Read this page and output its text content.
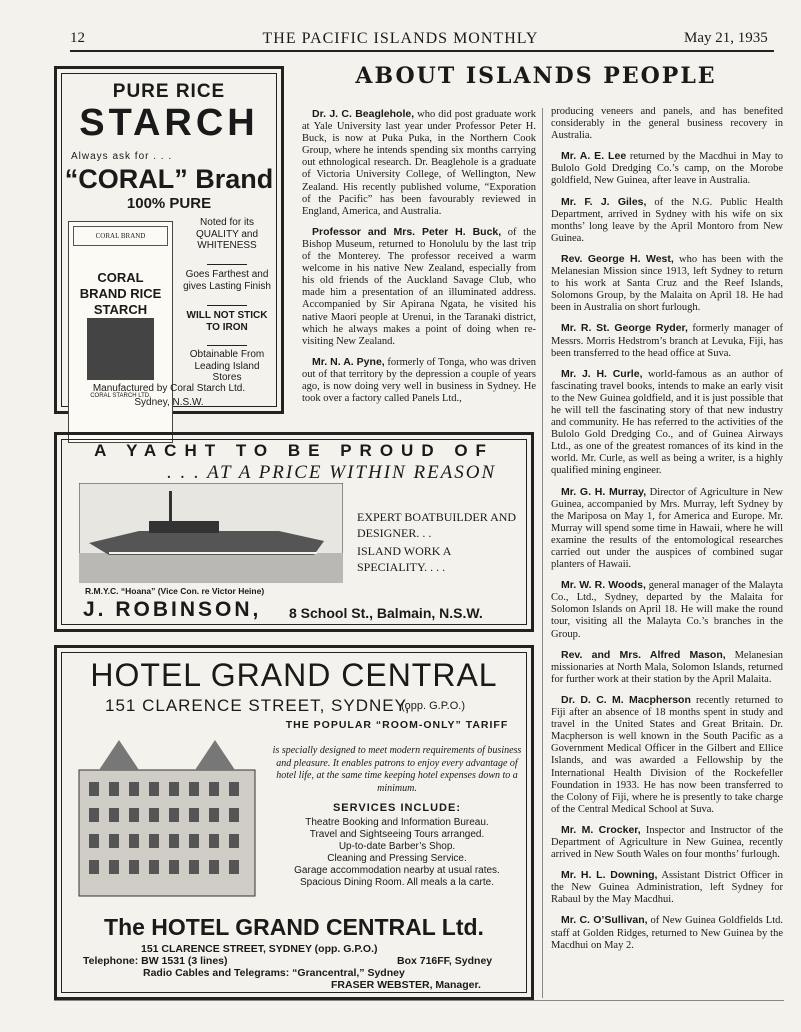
12	THE PACIFIC ISLANDS MONTHLY	May 21, 1935
PURE RICE
STARCH
Always ask for . . .
“CORAL” Brand
100% PURE
CORAL BRAND
CORAL BRAND RICE STARCH
CORAL STARCH LTD.
Noted for its QUALITY and WHITENESS
Goes Farthest and gives Lasting Finish
WILL NOT STICK TO IRON
Obtainable From Leading Island Stores
Manufactured by Coral Starch Ltd.
Sydney, N.S.W.
A YACHT TO BE PROUD OF
. . . AT A PRICE WITHIN REASON
EXPERT BOATBUILDER AND DESIGNER. . .
ISLAND WORK A SPECIALITY. . . .
R.M.Y.C. “Hoana” (Vice Con. re Victor Heine)
J. ROBINSON, 8 School St., Balmain, N.S.W.
HOTEL GRAND CENTRAL
151 CLARENCE STREET, SYDNEY,
(opp. G.P.O.)
THE POPULAR “ROOM-ONLY” TARIFF
is specially designed to meet modern requirements of business and pleasure. It enables patrons to enjoy every advantage of hotel life, at the same time keeping hotel expenses down to a minimum.
SERVICES INCLUDE:
Theatre Booking and Information Bureau.
Travel and Sightseeing Tours arranged.
Up-to-date Barber’s Shop.
Cleaning and Pressing Service.
Garage accommodation nearby at usual rates.
Spacious Dining Room. All meals a la carte.
The HOTEL GRAND CENTRAL Ltd.
151 CLARENCE STREET, SYDNEY (opp. G.P.O.)
Telephone: BW 1531 (3 lines)	Box 716FF, Sydney
Radio Cables and Telegrams: “Grancentral,” Sydney
FRASER WEBSTER, Manager.
ABOUT ISLANDS PEOPLE

Dr. J. C. Beaglehole, who did post graduate work at Yale University last year under Professor Peter H. Buck, is now at Puka Puka, in the Northern Cook Group, where he intends spending six months carrying out ethnological research. Dr. Beaglehole is a graduate of Victoria University College, of Wellington, New Zealand. His recently published volume, “Exporation of the Pacific” has been favourably reviewed in England, America, and Australia.

Professor and Mrs. Peter H. Buck, of the Bishop Museum, returned to Honolulu by the last trip of the Monterey. The professor received a warm welcome in his native New Zealand, especially from his old friends of the Auckland Savage Club, who made him a presentation of an illuminated address. Accompanied by Sir Apirana Ngata, he visited his native Maori people at Urenui, in the Taranaki district, which he always makes a point of doing when re-visiting New Zealand.

Mr. N. A. Pyne, formerly of Tonga, who was driven out of that territory by the depression a couple of years ago, is now doing very well in business in Sydney. He took over a factory called Panels Ltd.,

producing veneers and panels, and has benefited considerably in the general business recovery in Australia.

Mr. A. E. Lee returned by the Macdhui in May to Bulolo Gold Dredging Co.’s camp, on the Morobe goldfield, New Guinea, after leave in Australia.

Mr. F. J. Giles, of the N.G. Public Health Department, arrived in Sydney with his wife on six months’ long leave by the April Montoro from New Guinea.

Rev. George H. West, who has been with the Melanesian Mission since 1913, left Sydney to return to his work at Santa Cruz and the Reef Islands, Solomons Group, by the Malaita on April 18. He had been in Australia on short furlough.

Mr. R. St. George Ryder, formerly manager of Messrs. Morris Hedstrom’s branch at Levuka, Fiji, has been transferred to the head office at Suva.

Mr. J. H. Curle, world-famous as an author of fascinating travel books, intends to make an early visit to the New Guinea goldfield, and it is just possible that he will tell the fascinating story of that new industry and community. He has referred to the activities of the Bulolo Gold Dredging Co., and of Guinea Airways Ltd., as one of the greatest romances of its kind in the world. Mr. Curle, as well as being a writer, is a highly qualified mining engineer.

Mr. G. H. Murray, Director of Agriculture in New Guinea, accompanied by Mrs. Murray, left Sydney by the Mariposa on May 1, for America and Europe. Mr. Murray will spend some time in Hawaii, where he will examine the results of the entomological researches carried out under the auspices of combined sugar planters of Hawaii.

Mr. W. R. Woods, general manager of the Malayta Co., Ltd., Sydney, departed by the Malaita for Solomon Islands on April 18. He will make the round tour, visiting all the Malayta Co.’s branches in the Group.

Rev. and Mrs. Alfred Mason, Melanesian missionaries at North Mala, Solomon Islands, returned for further work at their station by the April Malaita.

Dr. D. C. M. Macpherson recently returned to Fiji after an absence of 18 months spent in study and travel in the United States and Great Britain. Dr. Macpherson is well known in the South Pacific as a Government Medical Officer in the Gilbert and Ellice Islands, and was awarded a Fellowship by the International Health Division of the Rockefeller Foundation in 1933. He has now been transferred to the Colony of Fiji, where he is presently to take charge of the Central Medical School at Suva.

Mr. M. Crocker, Inspector and Instructor of the Department of Agriculture in New Guinea, recently arrived in New South Wales on four months’ furlough.

Mr. H. L. Downing, Assistant District Officer in the New Guinea Administration, left Sydney for Rabaul by the May Macdhui.

Mr. C. O’Sullivan, of New Guinea Goldfields Ltd. staff at Golden Ridges, returned to New Guinea by the Macdhui on May 2.
